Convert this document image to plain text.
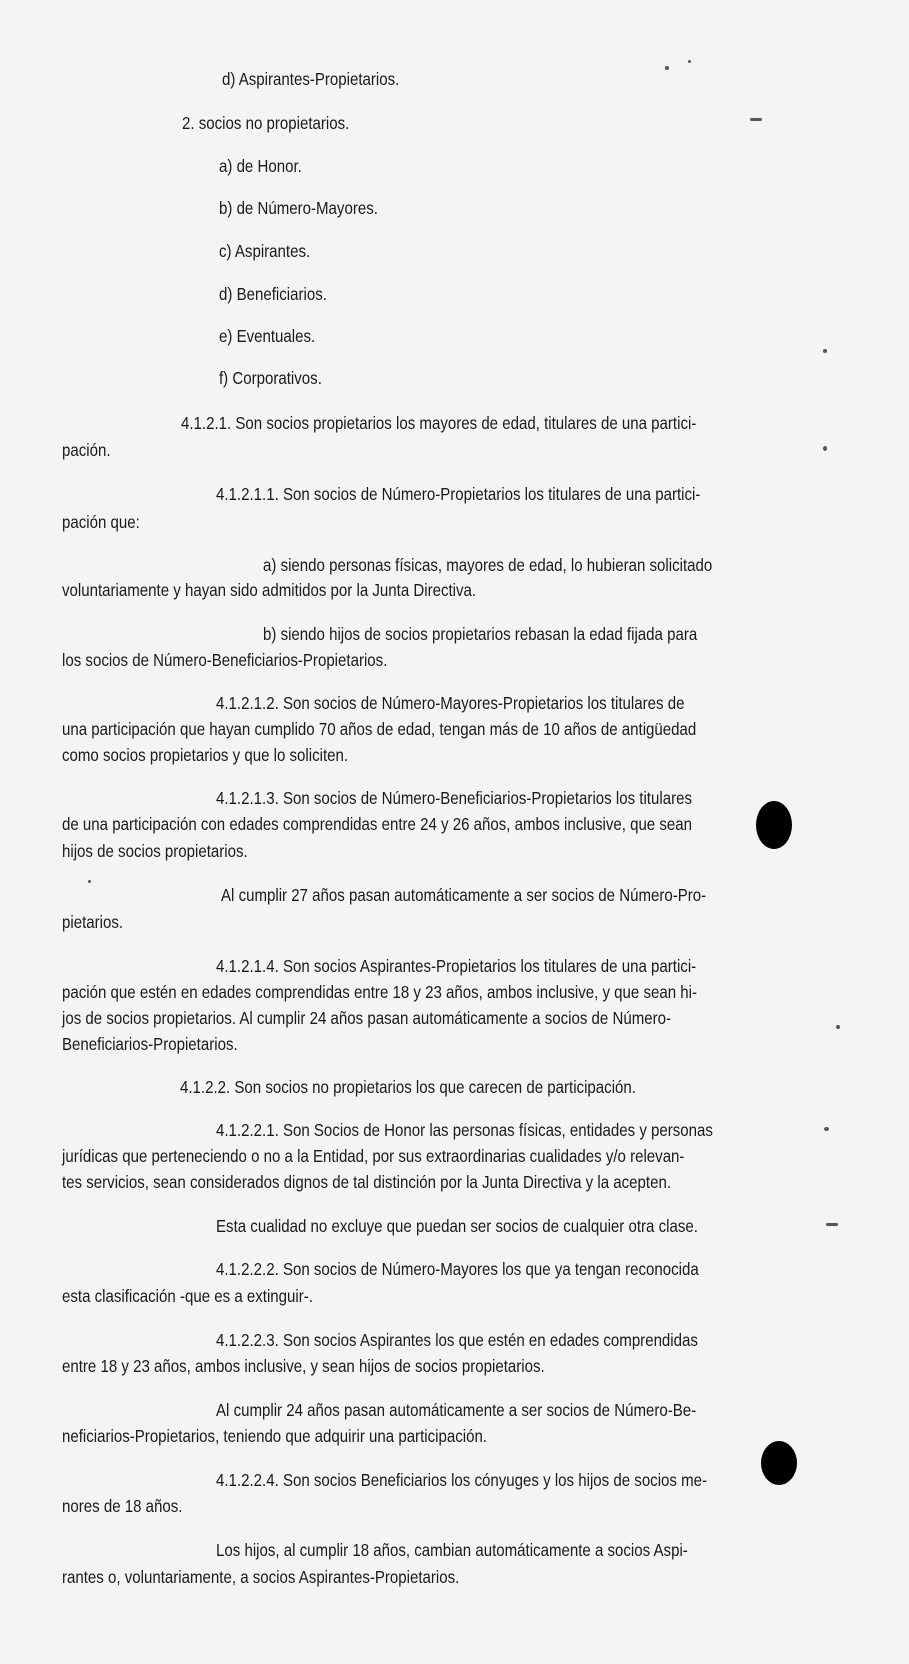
d) Aspirantes-Propietarios.
2. socios no propietarios.
a) de Honor.
b) de Número-Mayores.
c) Aspirantes.
d) Beneficiarios.
e) Eventuales.
f) Corporativos.
4.1.2.1. Son socios propietarios los mayores de edad, titulares de una partici-
pación.
4.1.2.1.1. Son socios de Número-Propietarios los titulares de una partici-
pación que:
a) siendo personas físicas, mayores de edad, lo hubieran solicitado
voluntariamente y hayan sido admitidos por la Junta Directiva.
b) siendo hijos de socios propietarios rebasan la edad fijada para
los socios de Número-Beneficiarios-Propietarios.
4.1.2.1.2. Son socios de Número-Mayores-Propietarios los titulares de
una participación que hayan cumplido 70 años de edad, tengan más de 10 años de antigüedad
como socios propietarios y que lo soliciten.
4.1.2.1.3. Son socios de Número-Beneficiarios-Propietarios los titulares
de una participación con edades comprendidas entre 24 y 26 años, ambos inclusive, que sean
hijos de socios propietarios.
Al cumplir 27 años pasan automáticamente a ser socios de Número-Pro-
pietarios.
4.1.2.1.4. Son socios Aspirantes-Propietarios los titulares de una partici-
pación que estén en edades comprendidas entre 18 y 23 años, ambos inclusive, y que sean hi-
jos de socios propietarios. Al cumplir 24 años pasan automáticamente a socios de Número-
Beneficiarios-Propietarios.
4.1.2.2. Son socios no propietarios los que carecen de participación.
4.1.2.2.1. Son Socios de Honor las personas físicas, entidades y personas
jurídicas que perteneciendo o no a la Entidad, por sus extraordinarias cualidades y/o relevan-
tes servicios, sean considerados dignos de tal distinción por la Junta Directiva y la acepten.
Esta cualidad no excluye que puedan ser socios de cualquier otra clase.
4.1.2.2.2. Son socios de Número-Mayores los que ya tengan reconocida
esta clasificación -que es a extinguir-.
4.1.2.2.3. Son socios Aspirantes los que estén en edades comprendidas
entre 18 y 23 años, ambos inclusive, y sean hijos de socios propietarios.
Al cumplir 24 años pasan automáticamente a ser socios de Número-Be-
neficiarios-Propietarios, teniendo que adquirir una participación.
4.1.2.2.4. Son socios Beneficiarios los cónyuges y los hijos de socios me-
nores de 18 años.
Los hijos, al cumplir 18 años, cambian automáticamente a socios Aspi-
rantes o, voluntariamente, a socios Aspirantes-Propietarios.
